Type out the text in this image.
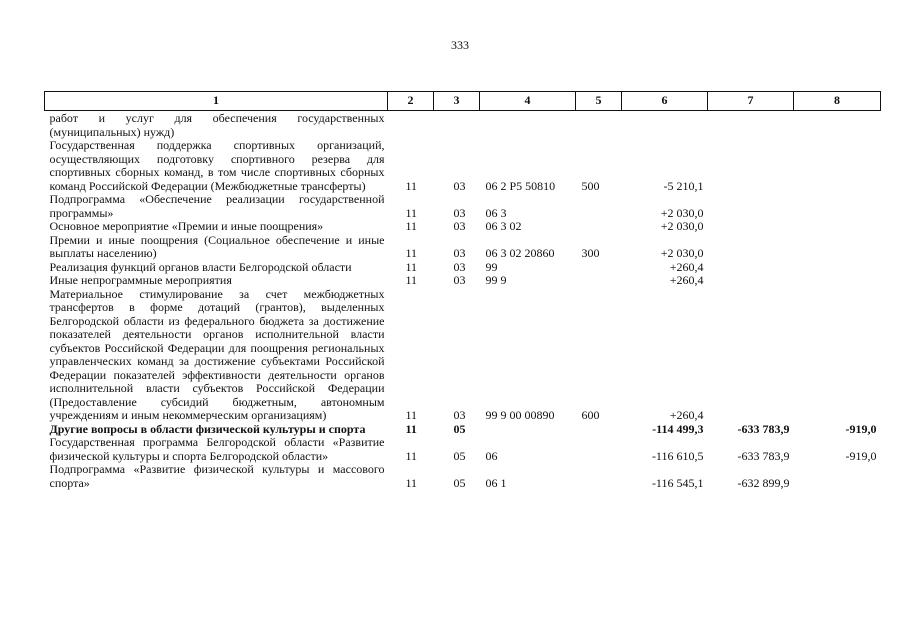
333
1	2	3	4	5	6	7	8
работ и услуг для обеспечения государственных (муниципальных) нужд)							
Государственная поддержка спортивных организаций, осуществляющих подготовку спортивного резерва для спортивных сборных команд, в том числе спортивных сборных команд Российской Федерации (Межбюджетные трансферты)	11	03	06 2 P5 50810	500	-5 210,1		
Подпрограмма «Обеспечение реализации государственной программы»	11	03	06 3		+2 030,0		
Основное мероприятие «Премии и иные поощрения»	11	03	06 3 02		+2 030,0		
Премии и иные поощрения (Социальное обеспечение и иные выплаты населению)	11	03	06 3 02 20860	300	+2 030,0		
Реализация функций органов власти Белгородской области	11	03	99		+260,4		
Иные непрограммные мероприятия	11	03	99 9		+260,4		
Материальное стимулирование за счет межбюджетных трансфертов в форме дотаций (грантов), выделенных Белгородской области из федерального бюджета за достижение показателей деятельности органов исполнительной власти субъектов Российской Федерации для поощрения региональных управленческих команд за достижение субъектами Российской Федерации показателей эффективности деятельности органов исполнительной власти субъектов Российской Федерации (Предоставление субсидий бюджетным, автономным учреждениям и иным некоммерческим организациям)	11	03	99 9 00 00890	600	+260,4		
Другие вопросы в области физической культуры и спорта	11	05			-114 499,3	-633 783,9	-919,0
Государственная программа Белгородской области «Развитие физической культуры и спорта Белгородской области»	11	05	06		-116 610,5	-633 783,9	-919,0
Подпрограмма «Развитие физической культуры и массового спорта»	11	05	06 1		-116 545,1	-632 899,9	
